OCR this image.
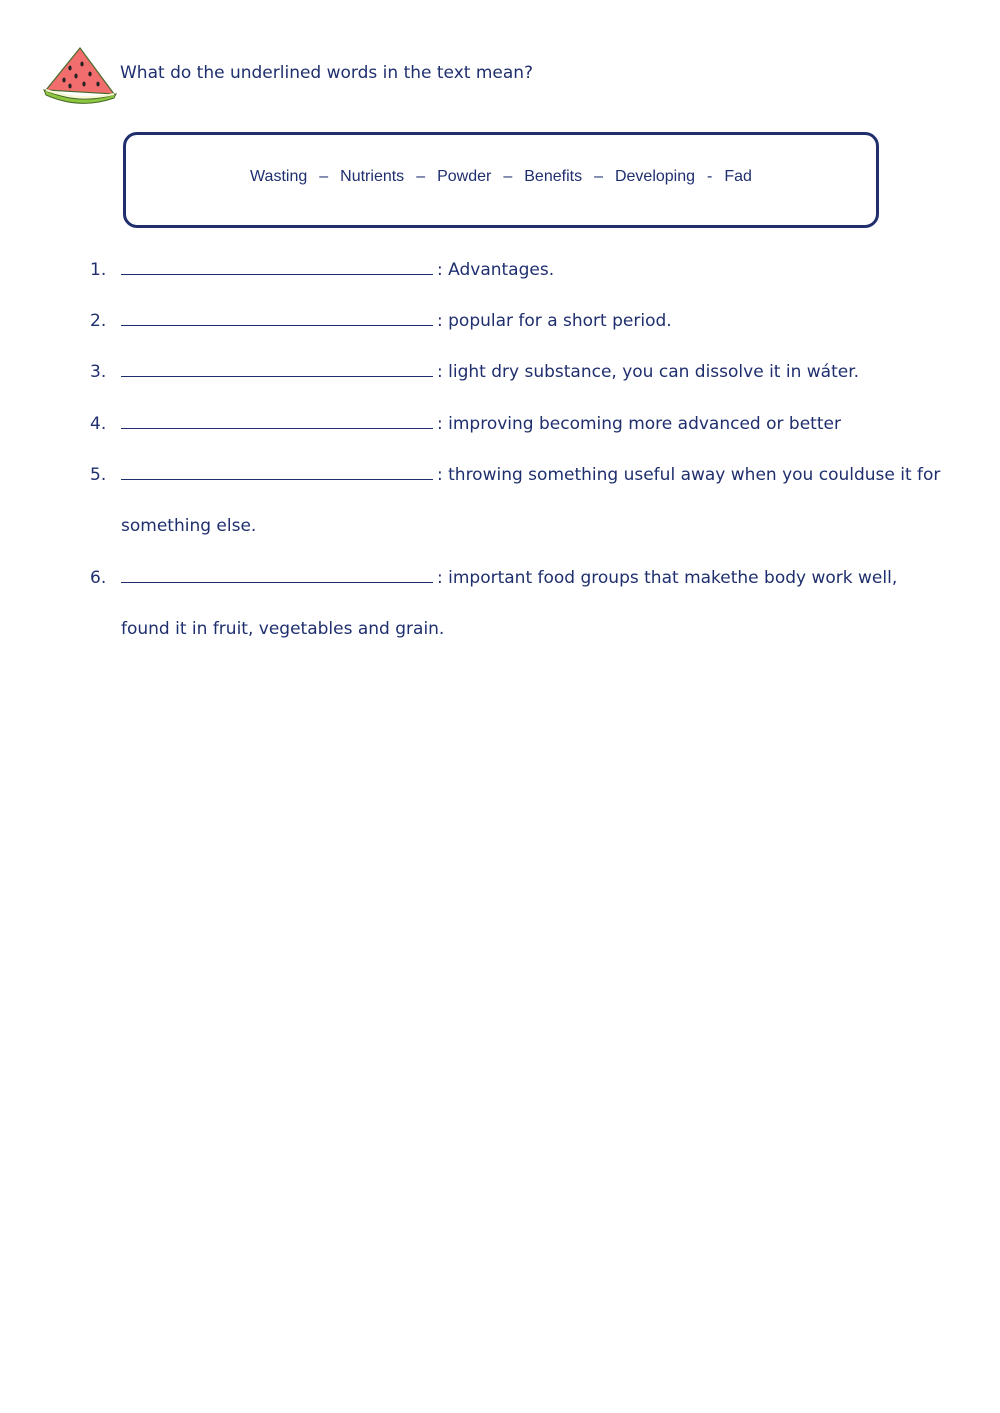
What do the underlined words in the text mean?
Wasting – Nutrients – Powder – Benefits – Developing - Fad
1.	: Advantages.
2.	: popular for a short period.
3.	: light dry substance, you can dissolve it in wáter.
4.	: improving becoming more advanced or better
5.	: throwing something useful away when you coulduse it for
something else.
6.	: important food groups that makethe body work well,
found it in fruit, vegetables and grain.
